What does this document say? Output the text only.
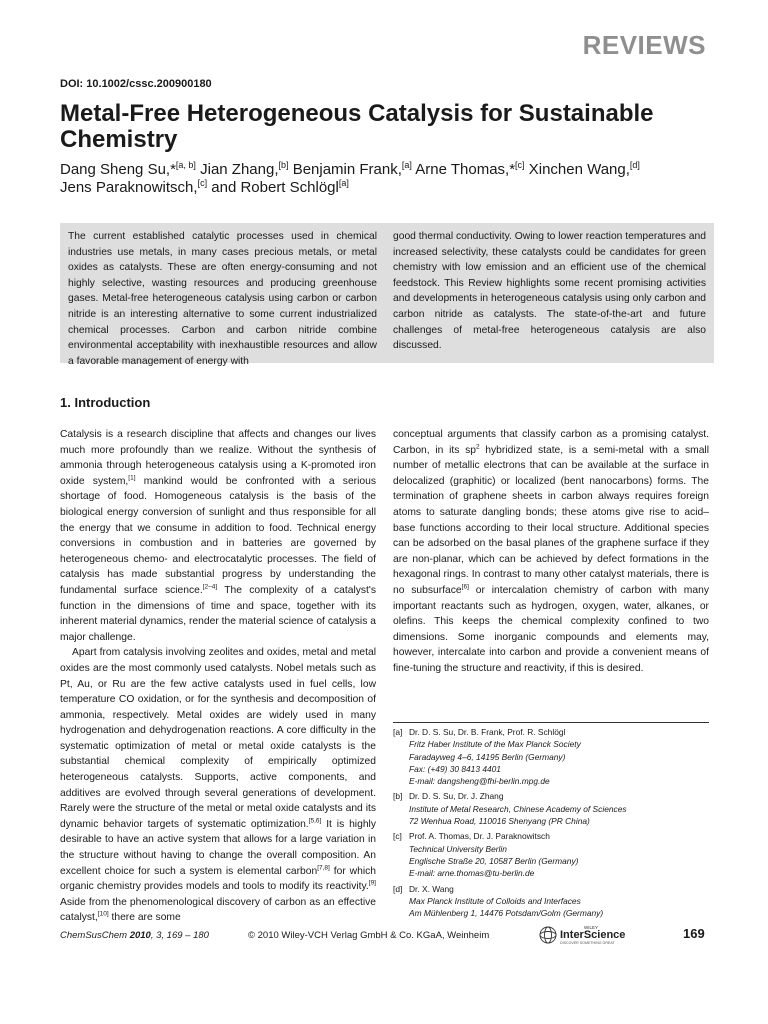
REVIEWS
DOI: 10.1002/cssc.200900180
Metal-Free Heterogeneous Catalysis for Sustainable Chemistry

Dang Sheng Su,*[a, b] Jian Zhang,[b] Benjamin Frank,[a] Arne Thomas,*[c] Xinchen Wang,[d]
Jens Paraknowitsch,[c] and Robert Schlögl[a]

The current established catalytic processes used in chemical industries use metals, in many cases precious metals, or metal oxides as catalysts. These are often energy-consuming and not highly selective, wasting resources and producing greenhouse gases. Metal-free heterogeneous catalysis using carbon or carbon nitride is an interesting alternative to some current industrialized chemical processes. Carbon and carbon nitride combine environmental acceptability with inexhaustible resources and allow a favorable management of energy with

good thermal conductivity. Owing to lower reaction temperatures and increased selectivity, these catalysts could be candidates for green chemistry with low emission and an efficient use of the chemical feedstock. This Review highlights some recent promising activities and developments in heterogeneous catalysis using only carbon and carbon nitride as catalysts. The state-of-the-art and future challenges of metal-free heterogeneous catalysis are also discussed.

1. Introduction

Catalysis is a research discipline that affects and changes our lives much more profoundly than we realize. Without the synthesis of ammonia through heterogeneous catalysis using a K-promoted iron oxide system,[1] mankind would be confronted with a serious shortage of food. Homogeneous catalysis is the basis of the biological energy conversion of sunlight and thus responsible for all the energy that we consume in addition to food. Technical energy conversions in combustion and in batteries are governed by heterogeneous chemo- and electrocatalytic processes. The field of catalysis has made substantial progress by understanding the fundamental surface science.[2–4] The complexity of a catalyst's function in the dimensions of time and space, together with its inherent material dynamics, render the material science of catalysis a major challenge.

Apart from catalysis involving zeolites and oxides, metal and metal oxides are the most commonly used catalysts. Nobel metals such as Pt, Au, or Ru are the few active catalysts used in fuel cells, low temperature CO oxidation, or for the synthesis and decomposition of ammonia, respectively. Metal oxides are widely used in many hydrogenation and dehydrogenation reactions. A core difficulty in the systematic optimization of metal or metal oxide catalysts is the substantial chemical complexity of empirically optimized heterogeneous catalysts. Supports, active components, and additives are evolved through several generations of development. Rarely were the structure of the metal or metal oxide catalysts and its dynamic behavior targets of systematic optimization.[5,6] It is highly desirable to have an active system that allows for a large variation in the structure without having to change the overall composition. An excellent choice for such a system is elemental carbon[7,8] for which organic chemistry provides models and tools to modify its reactivity.[9] Aside from the phenomenological discovery of carbon as an effective catalyst,[10] there are some

conceptual arguments that classify carbon as a promising catalyst. Carbon, in its $sp^2$ hybridized state, is a semi-metal with a small number of metallic electrons that can be available at the surface in delocalized (graphitic) or localized (bent nanocarbons) forms. The termination of graphene sheets in carbon always requires foreign atoms to saturate dangling bonds; these atoms give rise to acid–base functions according to their local structure. Additional species can be adsorbed on the basal planes of the graphene surface if they are non-planar, which can be achieved by defect formations in the hexagonal rings. In contrast to many other catalyst materials, there is no subsurface[6] or intercalation chemistry of carbon with many important reactants such as hydrogen, oxygen, water, alkanes, or olefins. This keeps the chemical complexity confined to two dimensions. Some inorganic compounds and elements may, however, intercalate into carbon and provide a convenient means of fine-tuning the structure and reactivity, if this is desired.

[a] Dr. D. S. Su, Dr. B. Frank, Prof. R. Schlögl
Fritz Haber Institute of the Max Planck Society
Faradayweg 4–6, 14195 Berlin (Germany)
Fax: (+49) 30 8413 4401
E-mail: dangsheng@fhi-berlin.mpg.de
[b] Dr. D. S. Su, Dr. J. Zhang
Institute of Metal Research, Chinese Academy of Sciences
72 Wenhua Road, 110016 Shenyang (PR China)
[c] Prof. A. Thomas, Dr. J. Paraknowitsch
Technical University Berlin
Englische Straße 20, 10587 Berlin (Germany)
E-mail: arne.thomas@tu-berlin.de
[d] Dr. X. Wang
Max Planck Institute of Colloids and Interfaces
Am Mühlenberg 1, 14476 Potsdam/Golm (Germany)
ChemSusChem 2010, 3, 169 – 180	© 2010 Wiley-VCH Verlag GmbH & Co. KGaA, Weinheim
WILEY
InterScience
DISCOVER SOMETHING GREAT
169
